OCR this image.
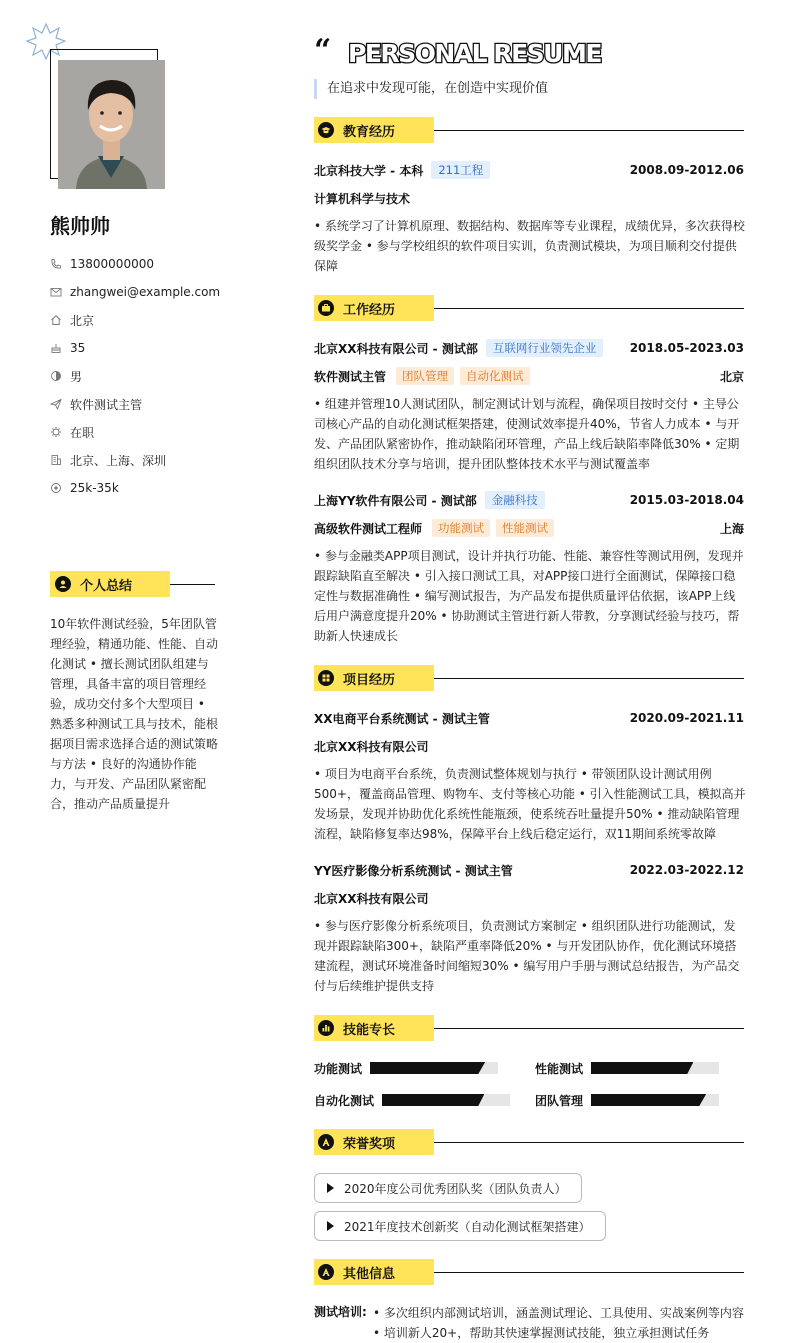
熊帅帅
13800000000
zhangwei@example.com
北京
35
男
软件测试主管
在职
北京、上海、深圳
25k-35k
个人总结
10年软件测试经验，5年团队管理经验，精通功能、性能、自动化测试 • 擅长测试团队组建与管理，具备丰富的项目管理经验，成功交付多个大型项目 • 熟悉多种测试工具与技术，能根据项目需求选择合适的测试策略与方法 • 良好的沟通协作能力，与开发、产品团队紧密配合，推动产品质量提升
“ PERSONAL RESUME
在追求中发现可能，在创造中实现价值
教育经历
北京科技大学 - 本科	211工程	2008.09-2012.06
计算机科学与技术
• 系统学习了计算机原理、数据结构、数据库等专业课程，成绩优异，多次获得校级奖学金 • 参与学校组织的软件项目实训，负责测试模块，为项目顺利交付提供保障
工作经历
北京XX科技有限公司 - 测试部	互联网行业领先企业	2018.05-2023.03
软件测试主管	团队管理	自动化测试	北京
• 组建并管理10人测试团队，制定测试计划与流程，确保项目按时交付 • 主导公司核心产品的自动化测试框架搭建，使测试效率提升40%，节省人力成本 • 与开发、产品团队紧密协作，推动缺陷闭环管理，产品上线后缺陷率降低30% • 定期组织团队技术分享与培训，提升团队整体技术水平与测试覆盖率
上海YY软件有限公司 - 测试部	金融科技	2015.03-2018.04
高级软件测试工程师	功能测试	性能测试	上海
• 参与金融类APP项目测试，设计并执行功能、性能、兼容性等测试用例，发现并跟踪缺陷直至解决 • 引入接口测试工具，对APP接口进行全面测试，保障接口稳定性与数据准确性 • 编写测试报告，为产品发布提供质量评估依据，该APP上线后用户满意度提升20% • 协助测试主管进行新人带教，分享测试经验与技巧，帮助新人快速成长
项目经历
XX电商平台系统测试 - 测试主管	2020.09-2021.11
北京XX科技有限公司
• 项目为电商平台系统，负责测试整体规划与执行 • 带领团队设计测试用例500+，覆盖商品管理、购物车、支付等核心功能 • 引入性能测试工具，模拟高并发场景，发现并协助优化系统性能瓶颈，使系统吞吐量提升50% • 推动缺陷管理流程，缺陷修复率达98%，保障平台上线后稳定运行，双11期间系统零故障
YY医疗影像分析系统测试 - 测试主管	2022.03-2022.12
北京XX科技有限公司
• 参与医疗影像分析系统项目，负责测试方案制定 • 组织团队进行功能测试，发现并跟踪缺陷300+，缺陷严重率降低20% • 与开发团队协作，优化测试环境搭建流程，测试环境准备时间缩短30% • 编写用户手册与测试总结报告，为产品交付与后续维护提供支持
技能专长
功能测试	性能测试
自动化测试	团队管理
荣誉奖项
2020年度公司优秀团队奖（团队负责人）
2021年度技术创新奖（自动化测试框架搭建）
其他信息
测试培训: • 多次组织内部测试培训，涵盖测试理论、工具使用、实战案例等内容
• 培训新人20+，帮助其快速掌握测试技能，独立承担测试任务
